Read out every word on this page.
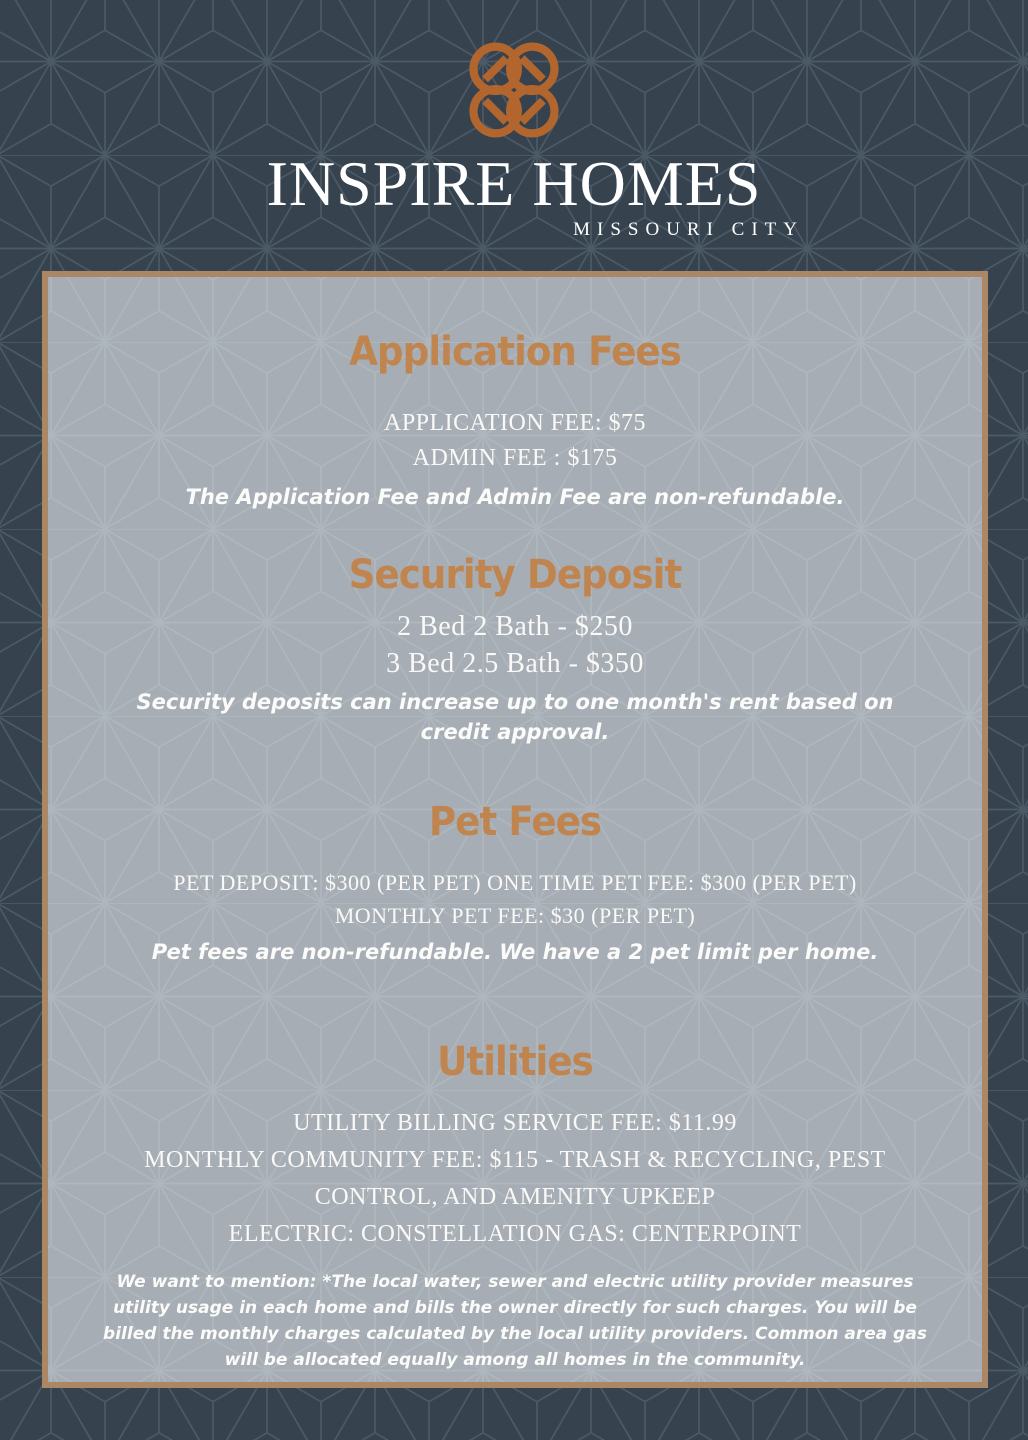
INSPIRE HOMES
MISSOURI CITY
Application Fees
APPLICATION FEE: $75
ADMIN FEE : $175
The Application Fee and Admin Fee are non-refundable.
Security Deposit
2 Bed 2 Bath - $250
3 Bed 2.5 Bath - $350
Security deposits can increase up to one month's rent based on credit approval.
Pet Fees
PET DEPOSIT: $300 (PER PET) ONE TIME PET FEE: $300 (PER PET)
MONTHLY PET FEE: $30 (PER PET)
Pet fees are non-refundable. We have a 2 pet limit per home.
Utilities
UTILITY BILLING SERVICE FEE: $11.99
MONTHLY COMMUNITY FEE: $115 - TRASH & RECYCLING, PEST CONTROL, AND AMENITY UPKEEP
ELECTRIC: CONSTELLATION GAS: CENTERPOINT
We want to mention: *The local water, sewer and electric utility provider measures utility usage in each home and bills the owner directly for such charges. You will be billed the monthly charges calculated by the local utility providers. Common area gas will be allocated equally among all homes in the community.
